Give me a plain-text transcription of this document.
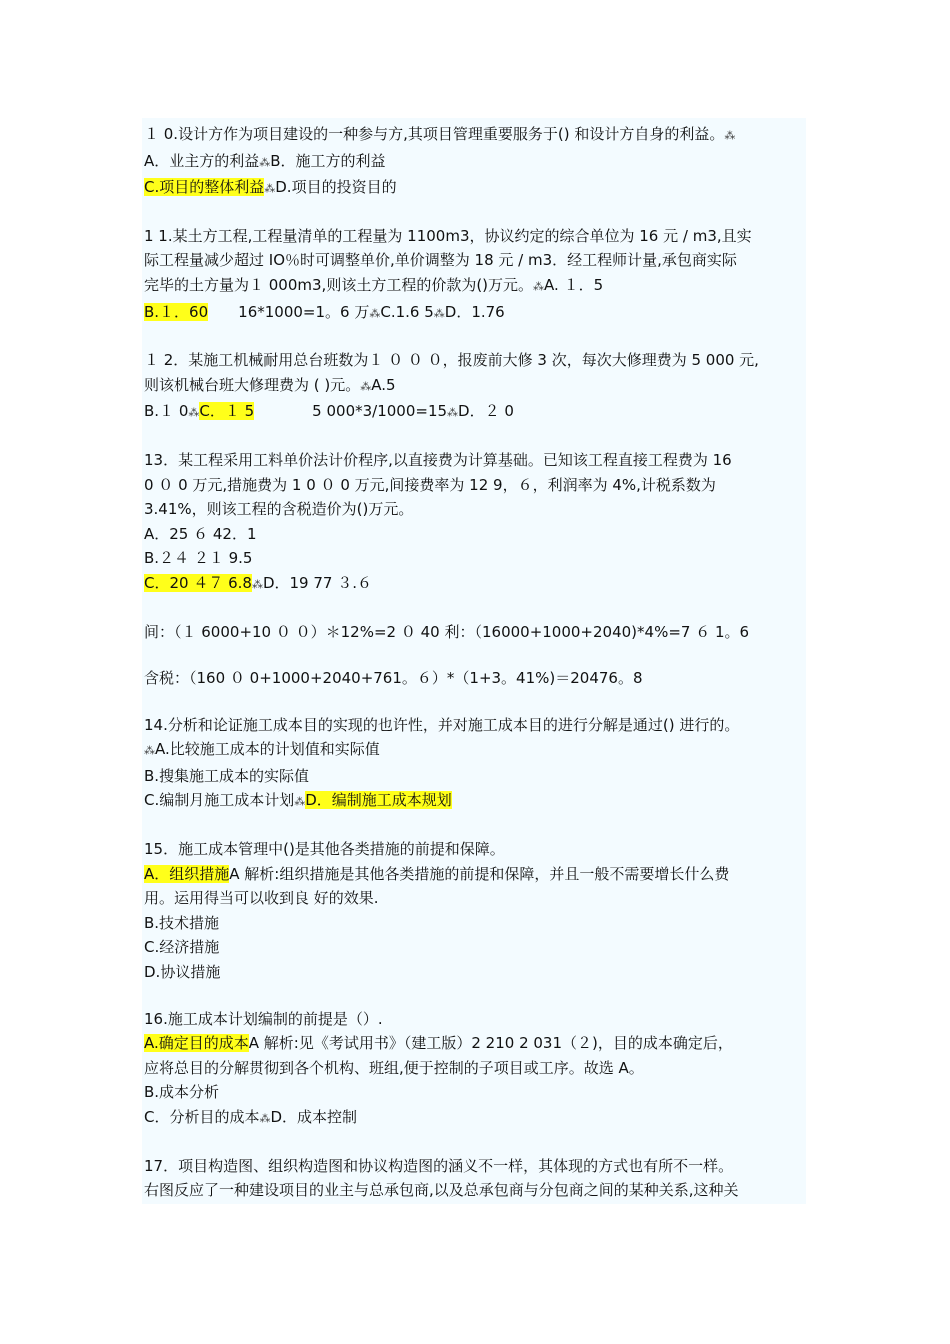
１ 0.设计方作为项目建设的一种参与方,其项目管理重要服务于() 和设计方自身的利益。⁂
A．业主方的利益⁂B．施工方的利益
C.项目的整体利益⁂D.项目的投资目的
1 1.某土方工程,工程量清单的工程量为 1100m3，协议约定的综合单位为 16 元 / m3,且实
际工程量减少超过 IO％时可调整单价,单价调整为 18 元 / m3．经工程师计量,承包商实际
完毕的土方量为１ 000m3,则该土方工程的价款为()万元。⁂A. １．5
B.１．60 16*1000=1。6 万⁂C.1.6 5⁂D．1.76
１ 2．某施工机械耐用总台班数为１ ０ ０ ０，报废前大修 3 次，每次大修理费为 5 000 元,
则该机械台班大修理费为 ( )元。⁂A.5
B.１ 0⁂C．１ 5	5 000*3/1000=15⁂D．２ 0
13．某工程采用工料单价法计价程序,以直接费为计算基础。已知该工程直接工程费为 16
0 ０ 0 万元,措施费为 1 0 ０ 0 万元,间接费率为 12 9，６，利润率为 4%,计税系数为
3.41%，则该工程的含税造价为()万元。
A．25 ６ 42．1
B.２４ ２１ 9.5
C．20 ４７ 6.8⁂D．19 77 ３.６
间：（１ 6000+10 ０ ０）＊12%=2 ０ 40 利：（16000+1000+2040)*4%=7 ６ 1。6
含税：（160 ０ 0+1000+2040+761。６）*（1+3。41%)＝20476。8
14.分析和论证施工成本目的实现的也许性，并对施工成本目的进行分解是通过() 进行的。
⁂A.比较施工成本的计划值和实际值
B.搜集施工成本的实际值
C.编制月施工成本计划⁂D．编制施工成本规划
15．施工成本管理中()是其他各类措施的前提和保障。
A．组织措施A 解析:组织措施是其他各类措施的前提和保障，并且一般不需要增长什么费
用。运用得当可以收到良 好的效果.
B.技术措施
C.经济措施
D.协议措施
16.施工成本计划编制的前提是（）.
A.确定目的成本A 解析:见《考试用书》（建工版）2 210 2 031（２)，目的成本确定后，
应将总目的分解贯彻到各个机构、班组,便于控制的子项目或工序。故选 A。
B.成本分析
C．分析目的成本⁂D．成本控制
17．项目构造图、组织构造图和协议构造图的涵义不一样，其体现的方式也有所不一样。
右图反应了一种建设项目的业主与总承包商,以及总承包商与分包商之间的某种关系,这种关
